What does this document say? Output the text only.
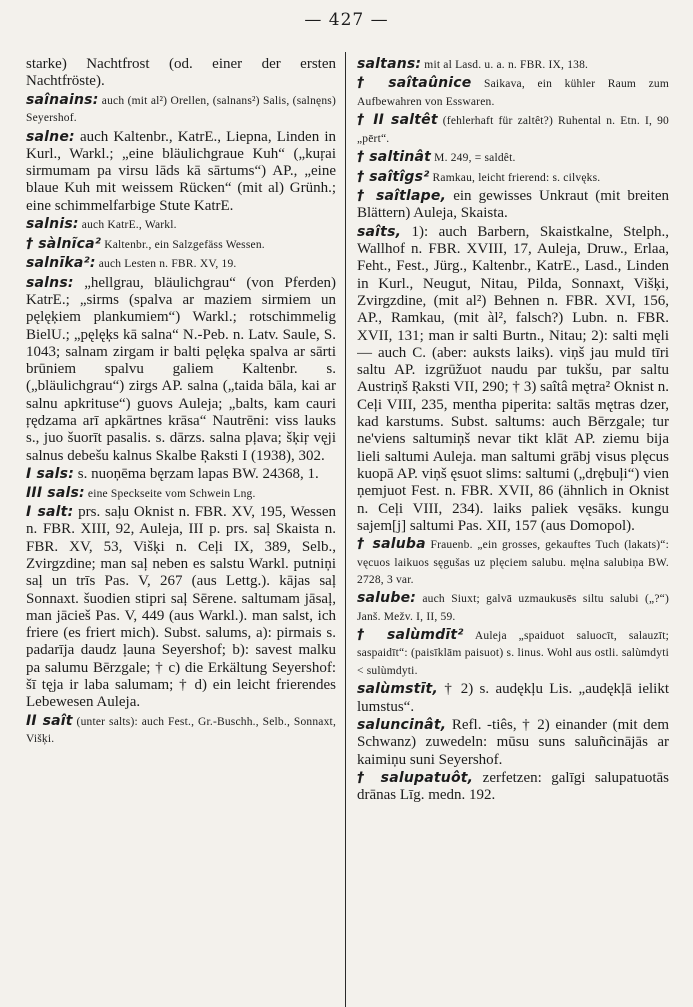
— 427 —
starke) Nachtfrost (od. einer der ersten Nachtfröste).
saînains: auch (mit al²) Orellen, (salnans²) Salis, (salnęns) Seyershof.
salne: auch Kaltenbr., KatrE., Liepna, Linden in Kurl., Warkl.; „eine bläulichgraue Kuh“ („kuŗai sirmumam pa virsu lāds kā sārtums“) AP., „eine blaue Kuh mit weissem Rücken“ (mit al) Grünh.; eine schimmelfarbige Stute KatrE.
salnis: auch KatrE., Warkl.
† sàlnĩca² Kaltenbr., ein Salzgefäss Wessen.
salnīka²: auch Lesten n. FBR. XV, 19.
salns: „hellgrau, bläulichgrau“ (von Pferden) KatrE.; „sirms (spalva ar maziem sirmiem un pęlęķiem plankumiem“) Warkl.; rotschimmelig BielU.; „pęlęķs kā salna“ N.-Peb. n. Latv. Saule, S. 1043; salnam zirgam ir balti pęlęka spalva ar sārti brūniem spalvu galiem Kaltenbr. s. („bläulichgrau“) zirgs AP. salna („taida bāla, kai ar salnu apkrituse“) guovs Auleja; „balts, kam cauri ŗędzama arī apkārtnes krāsa“ Nautrēni: viss lauks s., juo šuorīt pasalis. s. dārzs. salna pļava; šķiŗ vęji salnus debešu kalnus Skalbe Ŗaksti I (1938), 302.
I sals: s. nuoņēma bęrzam lapas BW. 24368, 1.
III sals: eine Speckseite vom Schwein Lng.
I salt: prs. saļu Oknist n. FBR. XV, 195, Wessen n. FBR. XIII, 92, Auleja, III p. prs. saļ Skaista n. FBR. XV, 53, Višķi n. Ceļi IX, 389, Selb., Zvirgzdine; man saļ neben es salstu Warkl. putniņi saļ un trīs Pas. V, 267 (aus Lettg.). kājas saļ Sonnaxt. šuodien stipri saļ Sērene. saltumam jāsaļ, man jācieš Pas. V, 449 (aus Warkl.). man salst, ich friere (es friert mich). Subst. salums, a): pirmais s. padarīja daudz ļauna Seyershof; b): savest malku pa salumu Bērzgale; † c) die Erkältung Seyershof: šī tęja ir laba salumam; † d) ein leicht frierendes Lebewesen Auleja.
II saît (unter salts): auch Fest., Gr.-Buschh., Selb., Sonnaxt, Višķi.
saltans: mit al Lasd. u. a. n. FBR. IX, 138.
† saîtaûnice Saikava, ein kühler Raum zum Aufbewahren von Esswaren.
† II saltêt (fehlerhaft für zaltêt?) Ruhental n. Etn. I, 90 „pērt“.
† saltinât M. 249, = saldêt.
† saîtîgs² Ramkau, leicht frierend: s. cilvęks.
† saîtlape, ein gewisses Unkraut (mit breiten Blättern) Auleja, Skaista.
saîts, 1): auch Barbern, Skaistkalne, Stelph., Wallhof n. FBR. XVIII, 17, Auleja, Druw., Erlaa, Feht., Fest., Jürg., Kaltenbr., KatrE., Lasd., Linden in Kurl., Neugut, Nitau, Pilda, Sonnaxt, Višķi, Zvirgzdine, (mit al²) Behnen n. FBR. XVI, 156, AP., Ramkau, (mit àl², falsch?) Lubn. n. FBR. XVII, 131; man ir salti Burtn., Nitau; 2): salti męli — auch C. (aber: auksts laiks). viņš jau muld tīri saltu AP. izgrūžuot naudu par tukšu, par saltu Austriņš Ŗaksti VII, 290; † 3) saîtâ mętra² Oknist n. Ceļi VIII, 235, mentha piperita: saltās mętras dzer, kad karstums. Subst. saltums: auch Bērzgale; tur ne'viens saltumiņš nevar tikt klāt AP. ziemu bija lieli saltumi Auleja. man saltumi grābj visus plęcus kuopā AP. viņš ęsuot slims: saltumi („drębuļi“) vien ņemjuot Fest. n. FBR. XVII, 86 (ähnlich in Oknist n. Ceļi VIII, 234). laiks paliek vęsāks. kungu sajem[j] saltumi Pas. XII, 157 (aus Domopol).
† saluba Frauenb. „ein grosses, gekauftes Tuch (lakats)“: vęcuos laikuos sęgušas uz plęciem salubu. męlna salubiņa BW. 2728, 3 var.
salube: auch Siuxt; galvā uzmaukusēs siltu salubi („?“) Janš. Mežv. I, II, 59.
† salùmdīt² Auleja „spaiduot saluocīt, salauzīt; saspaidīt“: (paisīklām paisuot) s. linus. Wohl aus ostli. salùmdyti < sulùmdyti.
salùmstīt, † 2) s. audękļu Lis. „audękļā ielikt lumstus“.
saluncinât, Refl. -tiês, † 2) einander (mit dem Schwanz) zuwedeln: mūsu suns saluñcinājās ar kaimiņu suni Seyershof.
† salupatuôt, zerfetzen: galīgi salupatuotās drānas Līg. medn. 192.
